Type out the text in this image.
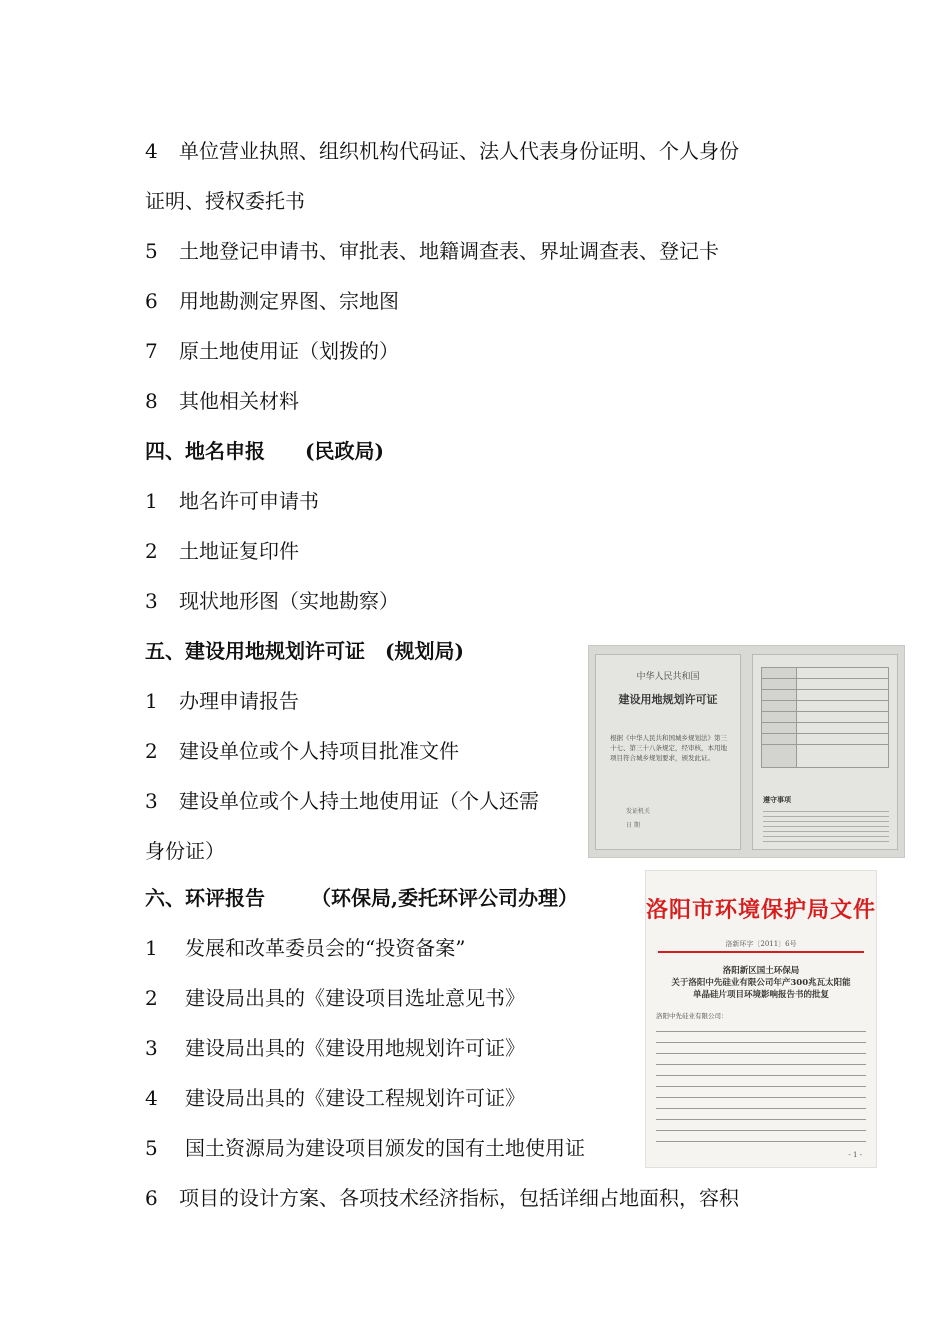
4 单位营业执照、组织机构代码证、法人代表身份证明、个人身份
证明、授权委托书
5 土地登记申请书、审批表、地籍调查表、界址调查表、登记卡
6 用地勘测定界图、宗地图
7 原土地使用证（划拨的）
8 其他相关材料
四、地名申报 (民政局)
1 地名许可申请书
2 土地证复印件
3 现状地形图（实地勘察）
五、建设用地规划许可证 (规划局)
1 办理申请报告
2 建设单位或个人持项目批准文件
3 建设单位或个人持土地使用证（个人还需
身份证）
六、环评报告 （环保局,委托环评公司办理）
1 发展和改革委员会的“投资备案”
2 建设局出具的《建设项目选址意见书》
3 建设局出具的《建设用地规划许可证》
4 建设局出具的《建设工程规划许可证》
5 国土资源局为建设项目颁发的国有土地使用证
6 项目的设计方案、各项技术经济指标，包括详细占地面积，容积
中华人民共和国
建设用地规划许可证
根据《中华人民共和国城乡规划法》第三十七、第三十八条规定，经审核，本用地项目符合城乡规划要求，颁发此证。
发证机关
日 期

遵守事项
洛阳市环境保护局文件
洛新环字〔2011〕6号
洛阳新区国土环保局
关于洛阳中先硅业有限公司年产300兆瓦太阳能
单晶硅片项目环境影响报告书的批复
洛阳中先硅业有限公司：
- 1 -
